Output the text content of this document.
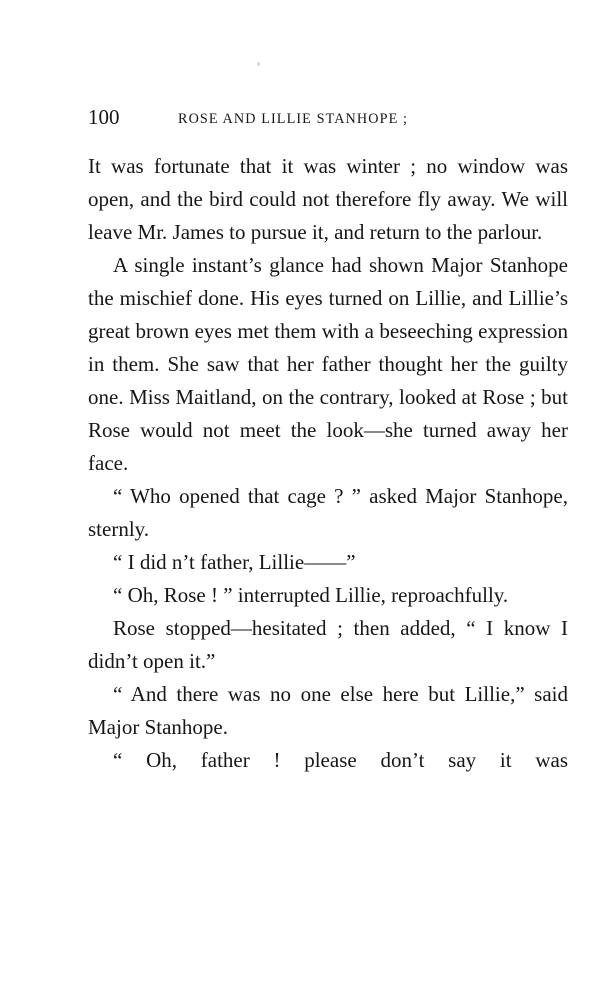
100	ROSE AND LILLIE STANHOPE ;

It was fortunate that it was winter ; no window was open, and the bird could not therefore fly away. We will leave Mr. James to pursue it, and return to the parlour.

A single instant’s glance had shown Major Stanhope the mischief done. His eyes turned on Lillie, and Lillie’s great brown eyes met them with a beseeching expression in them. She saw that her father thought her the guilty one. Miss Maitland, on the contrary, looked at Rose ; but Rose would not meet the look—she turned away her face.

“ Who opened that cage ? ” asked Major Stanhope, sternly.

“ I did n’t father, Lillie——”

“ Oh, Rose ! ” interrupted Lillie, reproachfully.

Rose stopped—hesitated ; then added, “ I know I didn’t open it.”

“ And there was no one else here but Lillie,” said Major Stanhope.

“ Oh, father ! please don’t say it was
